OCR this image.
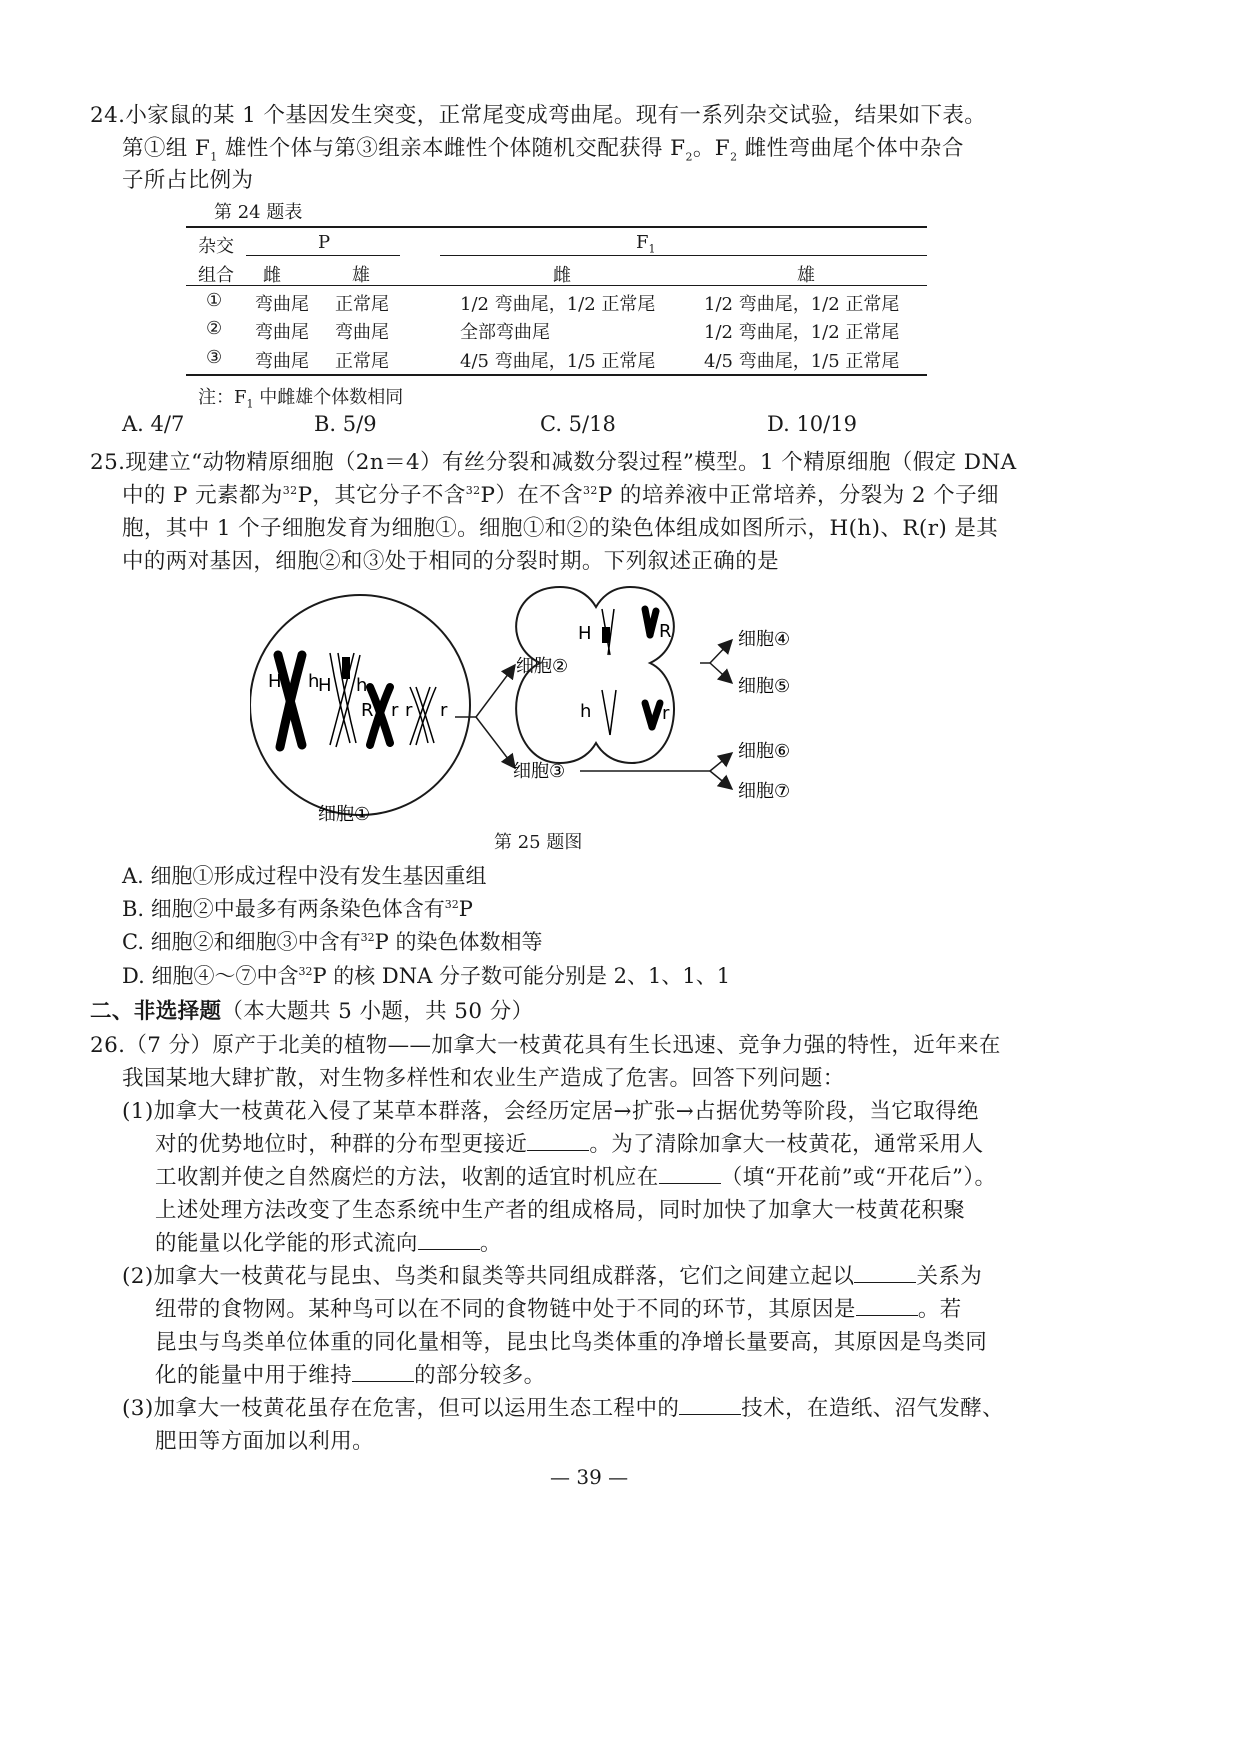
24.小家鼠的某 1 个基因发生突变，正常尾变成弯曲尾。现有一系列杂交试验，结果如下表。
第①组 $F_1$ 雄性个体与第③组亲本雌性个体随机交配获得 $F_2$。$F_2$ 雌性弯曲尾个体中杂合
子所占比例为
第 24 题表
杂交
组合
P	$F_1$
雌	雄	雌	雄
① 弯曲尾 正常尾	1/2 弯曲尾，1/2 正常尾	1/2 弯曲尾，1/2 正常尾
② 弯曲尾 弯曲尾	全部弯曲尾	1/2 弯曲尾，1/2 正常尾
③ 弯曲尾 正常尾	4/5 弯曲尾，1/5 正常尾	4/5 弯曲尾，1/5 正常尾
注：$F_1$ 中雌雄个体数相同
A. 4/7	B. 5/9	C. 5/18	D. 10/19
25.现建立“动物精原细胞（2n＝4）有丝分裂和减数分裂过程”模型。1 个精原细胞（假定 DNA
中的 P 元素都为$^{32}$P，其它分子不含$^{32}$P）在不含$^{32}$P 的培养液中正常培养，分裂为 2 个子细
胞，其中 1 个子细胞发育为细胞①。细胞①和②的染色体组成如图所示，H(h)、R(r) 是其
中的两对基因，细胞②和③处于相同的分裂时期。下列叙述正确的是
H h
H h
R r r r
细胞①
细胞②
细胞③
H	R
h	r
细胞④
细胞⑤
细胞⑥
细胞⑦
第 25 题图
A. 细胞①形成过程中没有发生基因重组
B. 细胞②中最多有两条染色体含有$^{32}$P
C. 细胞②和细胞③中含有$^{32}$P 的染色体数相等
D. 细胞④～⑦中含$^{32}$P 的核 DNA 分子数可能分别是 2、1、1、1
二、非选择题（本大题共 5 小题，共 50 分）
26.（7 分）原产于北美的植物——加拿大一枝黄花具有生长迅速、竞争力强的特性，近年来在
我国某地大肆扩散，对生物多样性和农业生产造成了危害。回答下列问题：
(1)加拿大一枝黄花入侵了某草本群落，会经历定居→扩张→占据优势等阶段，当它取得绝
对的优势地位时，种群的分布型更接近	。为了清除加拿大一枝黄花，通常采用人
工收割并使之自然腐烂的方法，收割的适宜时机应在	（填“开花前”或“开花后”）。
上述处理方法改变了生态系统中生产者的组成格局，同时加快了加拿大一枝黄花积聚
的能量以化学能的形式流向	。
(2)加拿大一枝黄花与昆虫、鸟类和鼠类等共同组成群落，它们之间建立起以	关系为
纽带的食物网。某种鸟可以在不同的食物链中处于不同的环节，其原因是	。若
昆虫与鸟类单位体重的同化量相等，昆虫比鸟类体重的净增长量要高，其原因是鸟类同
化的能量中用于维持	的部分较多。
(3)加拿大一枝黄花虽存在危害，但可以运用生态工程中的	技术，在造纸、沼气发酵、
肥田等方面加以利用。
— 39 —
